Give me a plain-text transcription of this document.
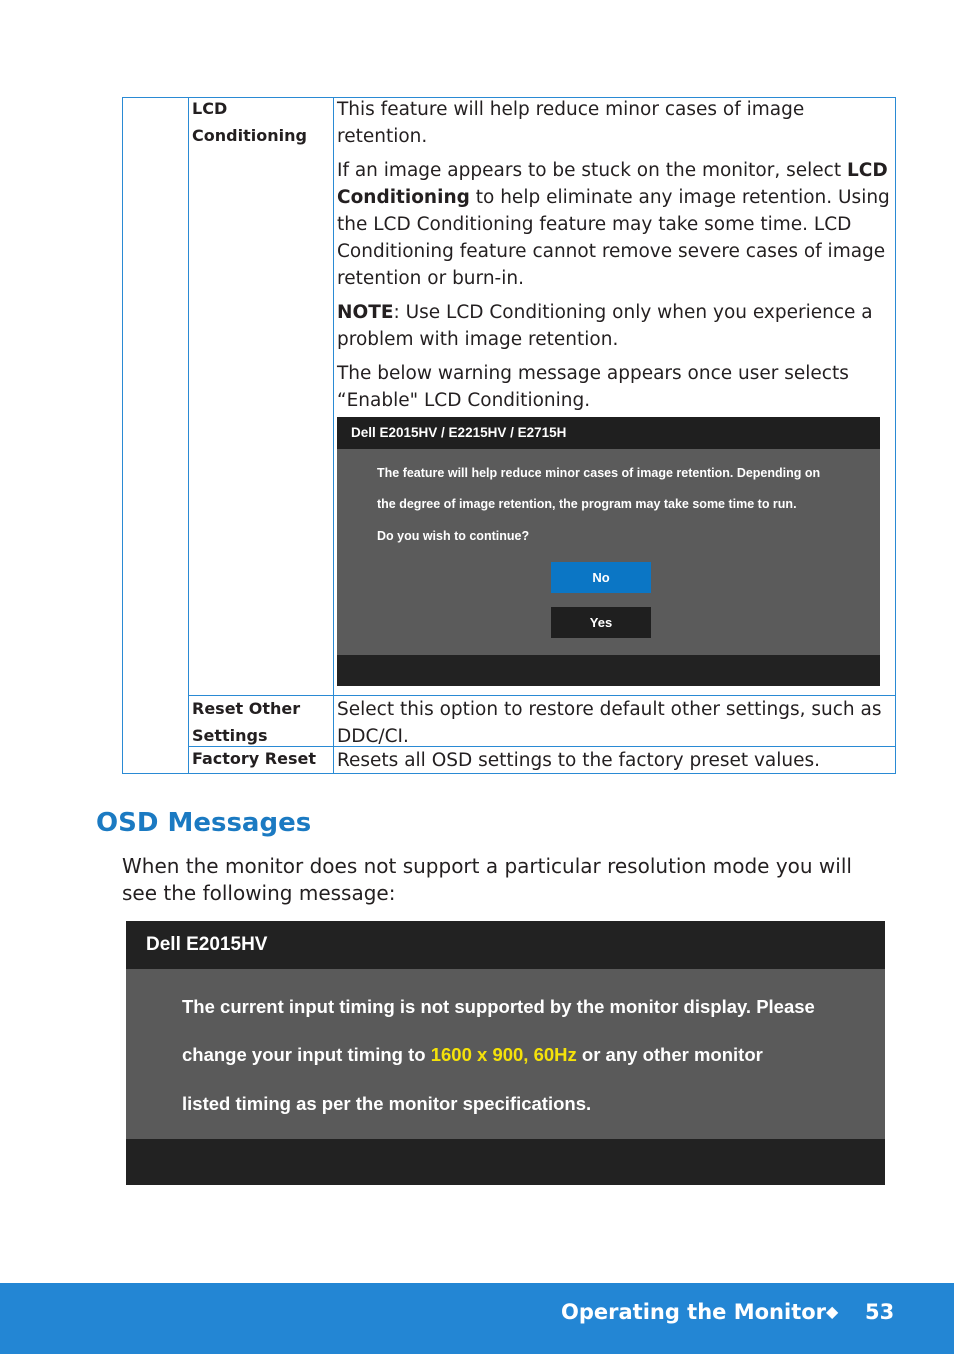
LCD
Conditioning

This feature will help reduce minor cases of image retention.

If an image appears to be stuck on the monitor, select LCD Conditioning to help eliminate any image retention. Using the LCD Conditioning feature may take some time. LCD Conditioning feature cannot remove severe cases of image retention or burn-in.

NOTE: Use LCD Conditioning only when you experience a problem with image retention.

The below warning message appears once user selects “Enable" LCD Conditioning.

Reset Other
Settings
Select this option to restore default other settings, such as DDC/CI.
Factory Reset Resets all OSD settings to the factory preset values.
Dell E2015HV / E2215HV / E2715H
The feature will help reduce minor cases of image retention. Depending on
the degree of image retention, the program may take some time to run.
Do you wish to continue?
No
Yes
OSD Messages
When the monitor does not support a particular resolution mode you will see the following message:
Dell E2015HV
The current input timing is not supported by the monitor display. Please
change your input timing to 1600 x 900, 60Hz or any other monitor
listed timing as per the monitor specifications.
Operating the Monitor ◆ 53
